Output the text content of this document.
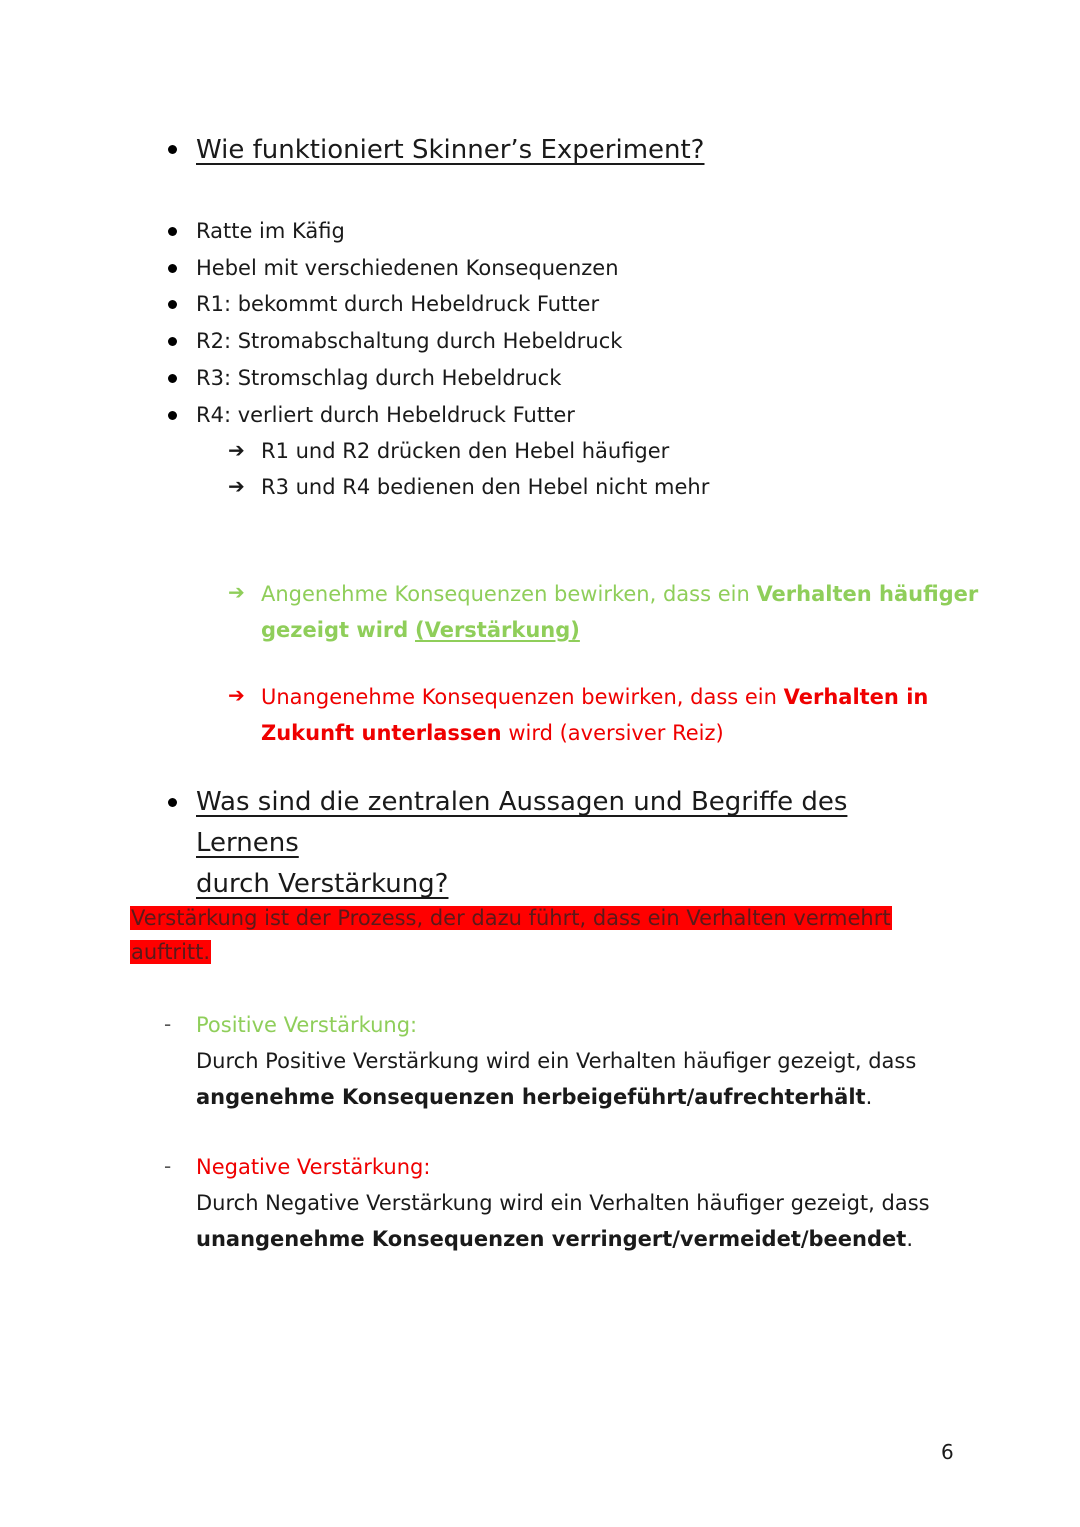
Wie funktioniert Skinner’s Experiment?
Ratte im Käfig
Hebel mit verschiedenen Konsequenzen
R1: bekommt durch Hebeldruck Futter
R2: Stromabschaltung durch Hebeldruck
R3: Stromschlag durch Hebeldruck
R4: verliert durch Hebeldruck Futter
➔ R1 und R2 drücken den Hebel häufiger
➔ R3 und R4 bedienen den Hebel nicht mehr
➔ Angenehme Konsequenzen bewirken, dass ein Verhalten häufiger
gezeigt wird (Verstärkung)
➔ Unangenehme Konsequenzen bewirken, dass ein Verhalten in
Zukunft unterlassen wird (aversiver Reiz)
Was sind die zentralen Aussagen und Begriffe des Lernens
durch Verstärkung?
Verstärkung ist der Prozess, der dazu führt, dass ein Verhalten vermehrt
auftritt.
- Positive Verstärkung:
Durch Positive Verstärkung wird ein Verhalten häufiger gezeigt, dass
angenehme Konsequenzen herbeigeführt/aufrechterhält.
- Negative Verstärkung:
Durch Negative Verstärkung wird ein Verhalten häufiger gezeigt, dass
unangenehme Konsequenzen verringert/vermeidet/beendet.
6
